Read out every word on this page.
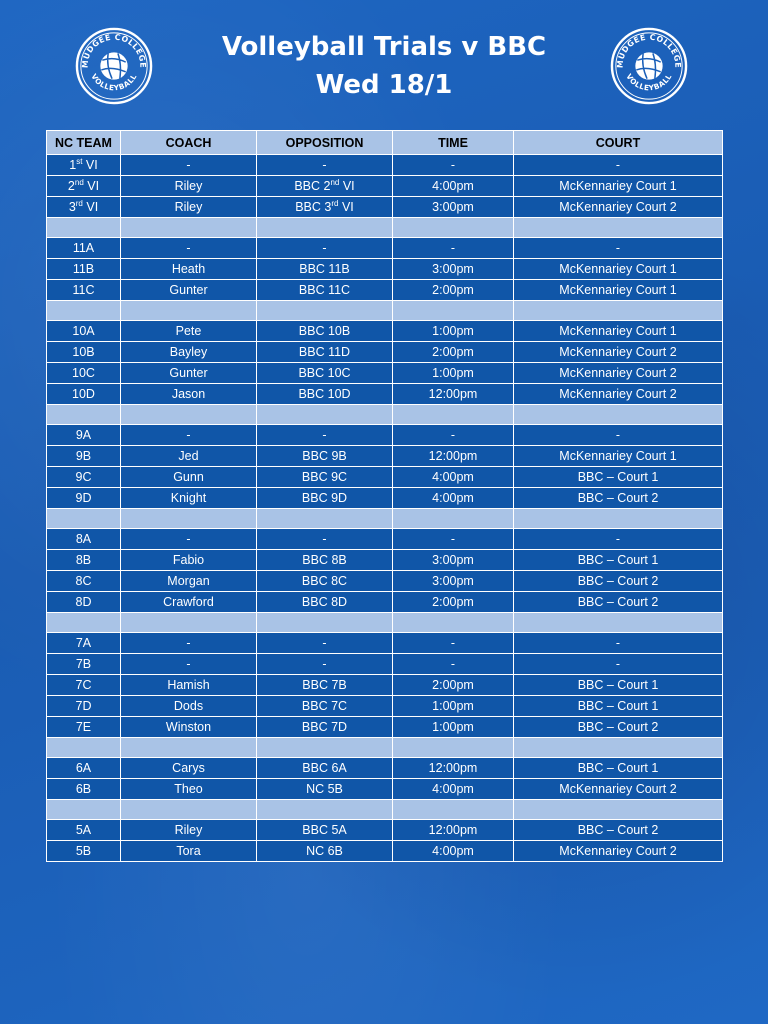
MUDGEE COLLEGE
VOLLEYBALL
MUDGEE COLLEGE
VOLLEYBALL
Volleyball Trials v BBC
Wed 18/1
NC TEAM	COACH	OPPOSITION	TIME	COURT
1st VI	-	-	-	-
2nd VI	Riley	BBC 2nd VI	4:00pm	McKennariey Court 1
3rd VI	Riley	BBC 3rd VI	3:00pm	McKennariey Court 2

11A	-	-	-	-
11B	Heath	BBC 11B	3:00pm	McKennariey Court 1
11C	Gunter	BBC 11C	2:00pm	McKennariey Court 1

10A	Pete	BBC 10B	1:00pm	McKennariey Court 1
10B	Bayley	BBC 11D	2:00pm	McKennariey Court 2
10C	Gunter	BBC 10C	1:00pm	McKennariey Court 2
10D	Jason	BBC 10D	12:00pm	McKennariey Court 2

9A	-	-	-	-
9B	Jed	BBC 9B	12:00pm	McKennariey Court 1
9C	Gunn	BBC 9C	4:00pm	BBC – Court 1
9D	Knight	BBC 9D	4:00pm	BBC – Court 2

8A	-	-	-	-
8B	Fabio	BBC 8B	3:00pm	BBC – Court 1
8C	Morgan	BBC 8C	3:00pm	BBC – Court 2
8D	Crawford	BBC 8D	2:00pm	BBC – Court 2

7A	-	-	-	-
7B	-	-	-	-
7C	Hamish	BBC 7B	2:00pm	BBC – Court 1
7D	Dods	BBC 7C	1:00pm	BBC – Court 1
7E	Winston	BBC 7D	1:00pm	BBC – Court 2

6A	Carys	BBC 6A	12:00pm	BBC – Court 1
6B	Theo	NC 5B	4:00pm	McKennariey Court 2

5A	Riley	BBC 5A	12:00pm	BBC – Court 2
5B	Tora	NC 6B	4:00pm	McKennariey Court 2
